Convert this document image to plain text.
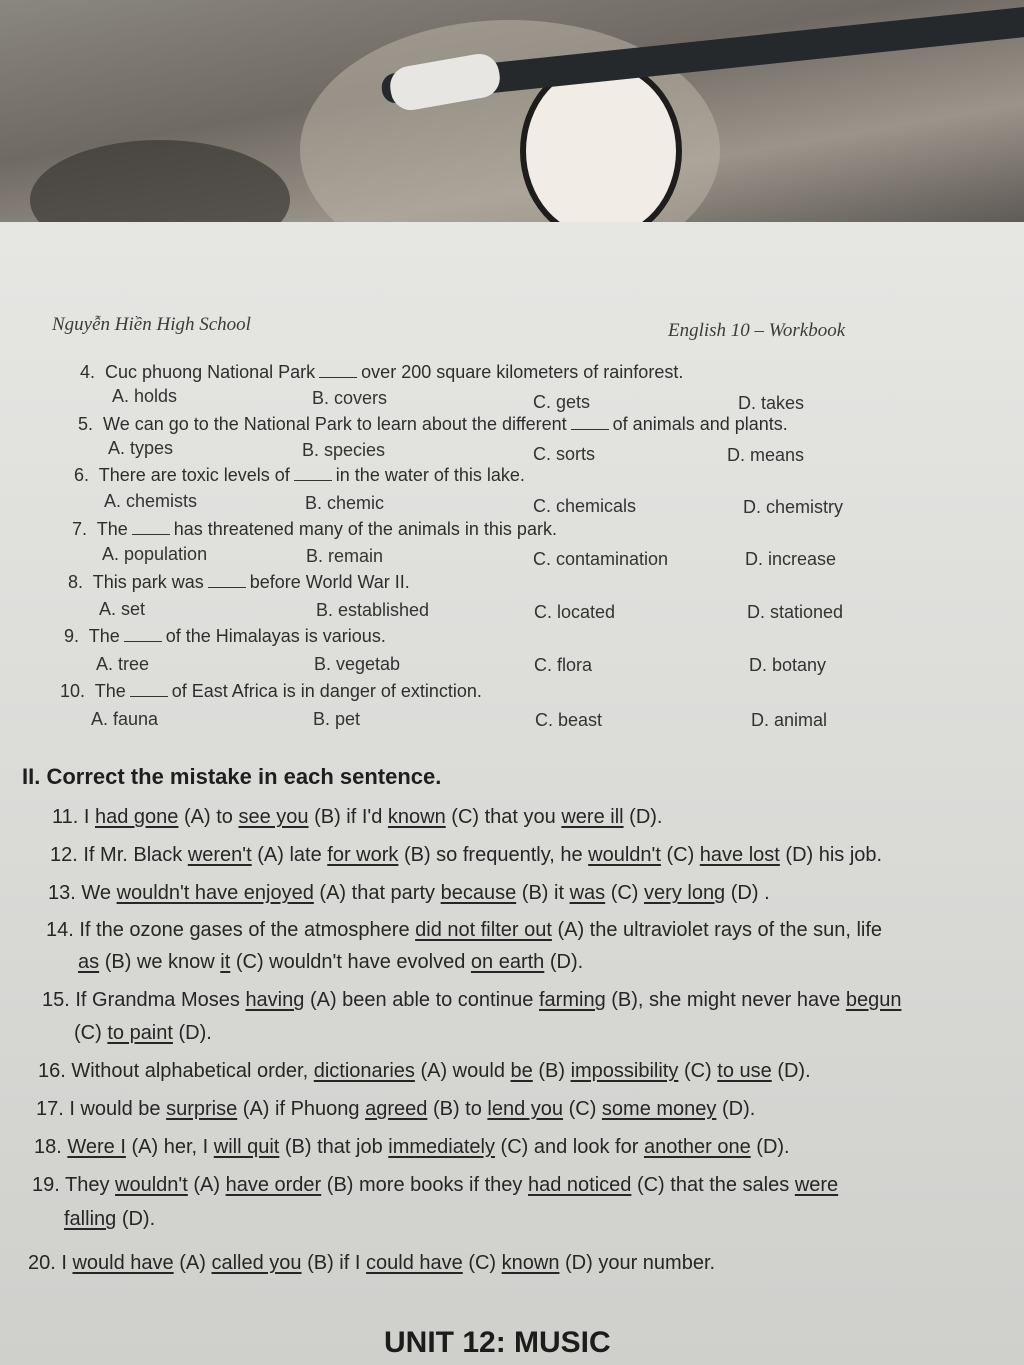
Nguyễn Hiền High School	English 10 – Workbook
4. Cuc phuong National Park	over 200 square kilometers of rainforest.
A. holds	B. covers	C. gets	D. takes
5. We can go to the National Park to learn about the different	of animals and plants.
A. types	B. species	C. sorts	D. means
6. There are toxic levels of	in the water of this lake.
A. chemists	B. chemic	C. chemicals	D. chemistry
7. The	has threatened many of the animals in this park.
A. population	B. remain	C. contamination	D. increase
8. This park was	before World War II.
A. set	B. established	C. located	D. stationed
9. The	of the Himalayas is various.
A. tree	B. vegetab	C. flora	D. botany
10. The	of East Africa is in danger of extinction.
A. fauna	B. pet	C. beast	D. animal
II. Correct the mistake in each sentence.
11. I had gone (A) to see you (B) if I'd known (C) that you were ill (D).
12. If Mr. Black weren't (A) late for work (B) so frequently, he wouldn't (C) have lost (D) his job.
13. We wouldn't have enjoyed (A) that party because (B) it was (C) very long (D) .
14. If the ozone gases of the atmosphere did not filter out (A) the ultraviolet rays of the sun, life
as (B) we know it (C) wouldn't have evolved on earth (D).
15. If Grandma Moses having (A) been able to continue farming (B), she might never have begun
(C) to paint (D).
16. Without alphabetical order, dictionaries (A) would be (B) impossibility (C) to use (D).
17. I would be surprise (A) if Phuong agreed (B) to lend you (C) some money (D).
18. Were I (A) her, I will quit (B) that job immediately (C) and look for another one (D).
19. They wouldn't (A) have order (B) more books if they had noticed (C) that the sales were
falling (D).
20. I would have (A) called you (B) if I could have (C) known (D) your number.
UNIT 12: MUSIC
